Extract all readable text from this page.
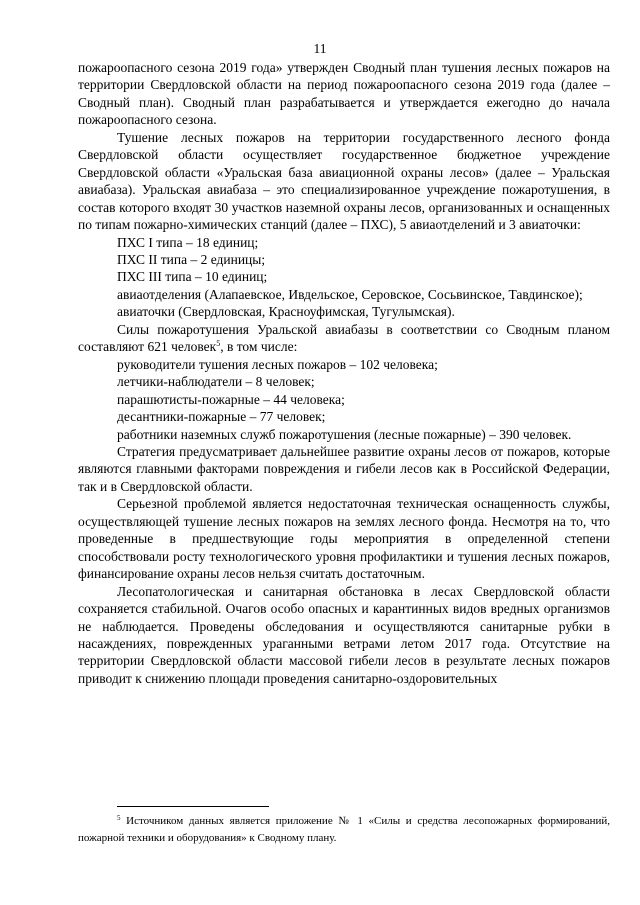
11

пожароопасного сезона 2019 года» утвержден Сводный план тушения лесных пожаров на территории Свердловской области на период пожароопасного сезона 2019 года (далее – Сводный план). Сводный план разрабатывается и утверждается ежегодно до начала пожароопасного сезона.

Тушение лесных пожаров на территории государственного лесного фонда Свердловской области осуществляет государственное бюджетное учреждение Свердловской области «Уральская база авиационной охраны лесов» (далее – Уральская авиабаза). Уральская авиабаза – это специализированное учреждение пожаротушения, в состав которого входят 30 участков наземной охраны лесов, организованных и оснащенных по типам пожарно-химических станций (далее – ПХС), 5 авиаотделений и 3 авиаточки:

ПХС I типа – 18 единиц;

ПХС II типа – 2 единицы;

ПХС III типа – 10 единиц;

авиаотделения (Алапаевское, Ивдельское, Серовское, Сосьвинское, Тавдинское);

авиаточки (Свердловская, Красноуфимская, Тугулымская).

Силы пожаротушения Уральской авиабазы в соответствии со Сводным планом составляют 621 человек$^5$, в том числе:

руководители тушения лесных пожаров – 102 человека;

летчики-наблюдатели – 8 человек;

парашютисты-пожарные – 44 человека;

десантники-пожарные – 77 человек;

работники наземных служб пожаротушения (лесные пожарные) – 390 человек.

Стратегия предусматривает дальнейшее развитие охраны лесов от пожаров, которые являются главными факторами повреждения и гибели лесов как в Российской Федерации, так и в Свердловской области.

Серьезной проблемой является недостаточная техническая оснащенность службы, осуществляющей тушение лесных пожаров на землях лесного фонда. Несмотря на то, что проведенные в предшествующие годы мероприятия в определенной степени способствовали росту технологического уровня профилактики и тушения лесных пожаров, финансирование охраны лесов нельзя считать достаточным.

Лесопатологическая и санитарная обстановка в лесах Свердловской области сохраняется стабильной. Очагов особо опасных и карантинных видов вредных организмов не наблюдается. Проведены обследования и осуществляются санитарные рубки в насаждениях, поврежденных ураганными ветрами летом 2017 года. Отсутствие на территории Свердловской области массовой гибели лесов в результате лесных пожаров приводит к снижению площади проведения санитарно-оздоровительных

$^5$ Источником данных является приложение № 1 «Силы и средства лесопожарных формирований, пожарной техники и оборудования» к Сводному плану.
